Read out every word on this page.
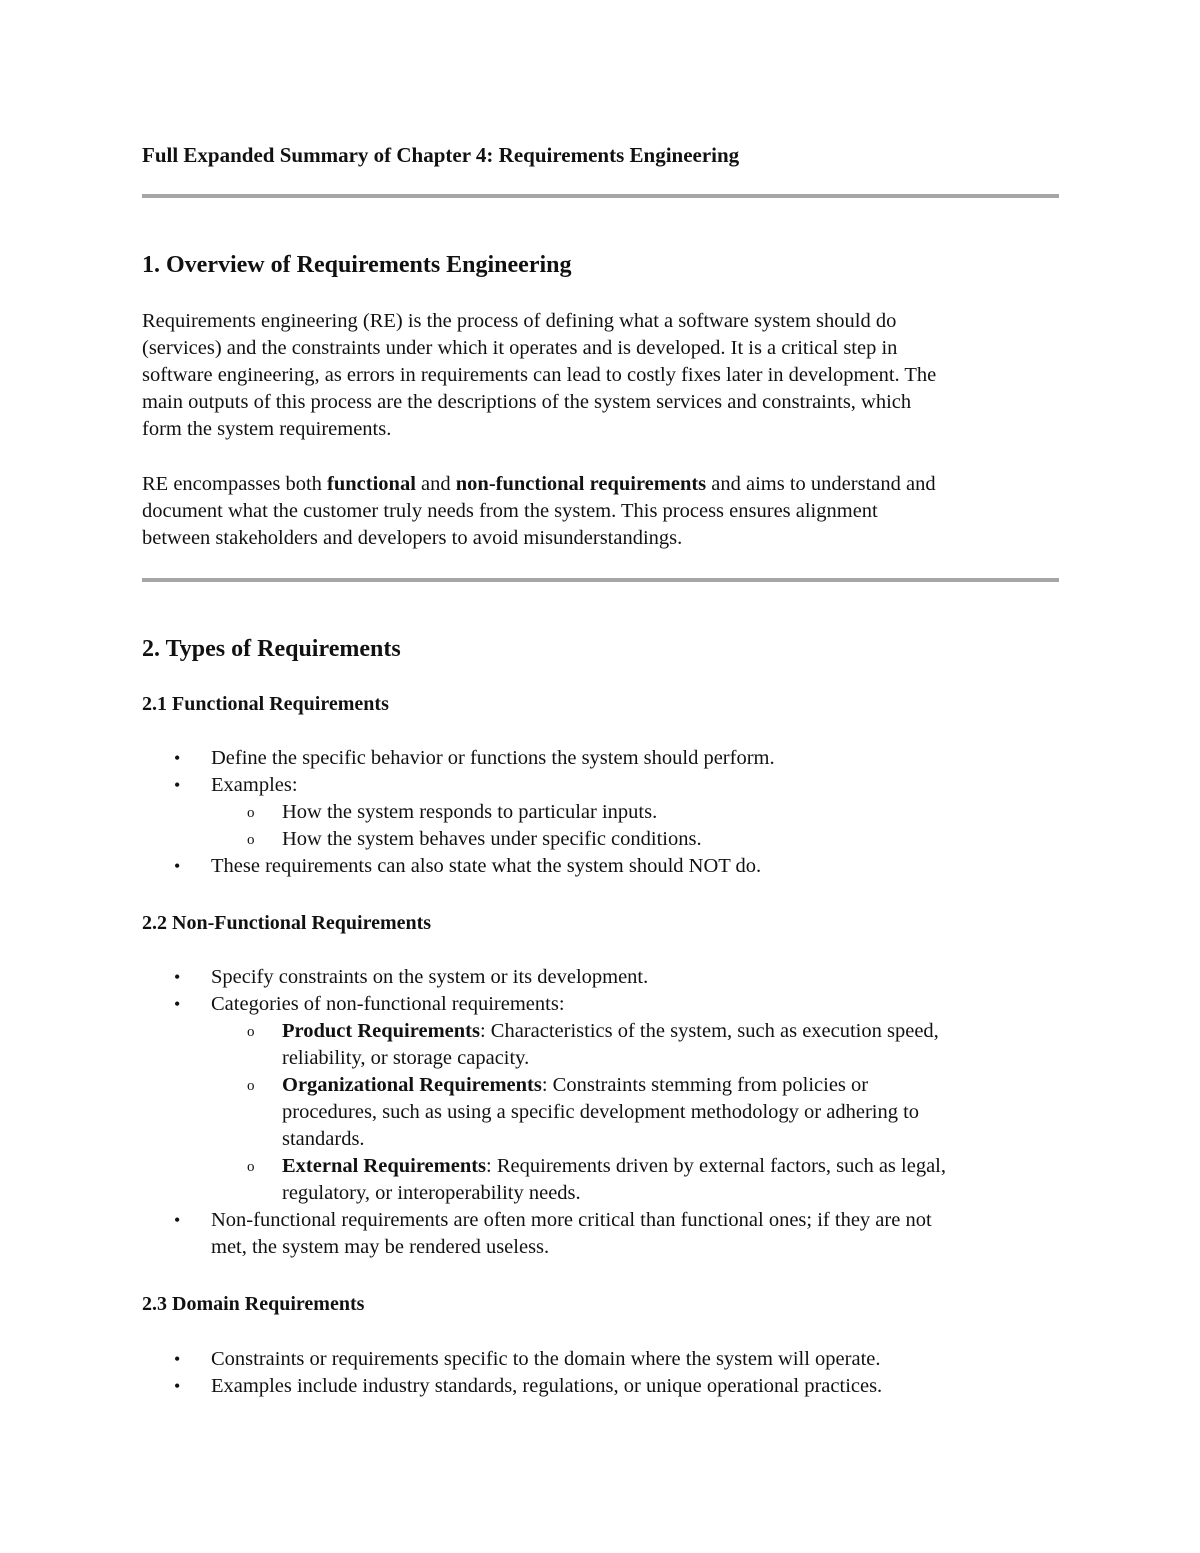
Full Expanded Summary of Chapter 4: Requirements Engineering
1. Overview of Requirements Engineering
Requirements engineering (RE) is the process of defining what a software system should do
(services) and the constraints under which it operates and is developed. It is a critical step in
software engineering, as errors in requirements can lead to costly fixes later in development. The
main outputs of this process are the descriptions of the system services and constraints, which
form the system requirements.
RE encompasses both functional and non-functional requirements and aims to understand and
document what the customer truly needs from the system. This process ensures alignment
between stakeholders and developers to avoid misunderstandings.
2. Types of Requirements
2.1 Functional Requirements
• Define the specific behavior or functions the system should perform.
• Examples:
o How the system responds to particular inputs.
o How the system behaves under specific conditions.
• These requirements can also state what the system should NOT do.
2.2 Non-Functional Requirements
• Specify constraints on the system or its development.
• Categories of non-functional requirements:
o Product Requirements: Characteristics of the system, such as execution speed,
reliability, or storage capacity.
o Organizational Requirements: Constraints stemming from policies or
procedures, such as using a specific development methodology or adhering to
standards.
o External Requirements: Requirements driven by external factors, such as legal,
regulatory, or interoperability needs.
• Non-functional requirements are often more critical than functional ones; if they are not
met, the system may be rendered useless.
2.3 Domain Requirements
• Constraints or requirements specific to the domain where the system will operate.
• Examples include industry standards, regulations, or unique operational practices.
